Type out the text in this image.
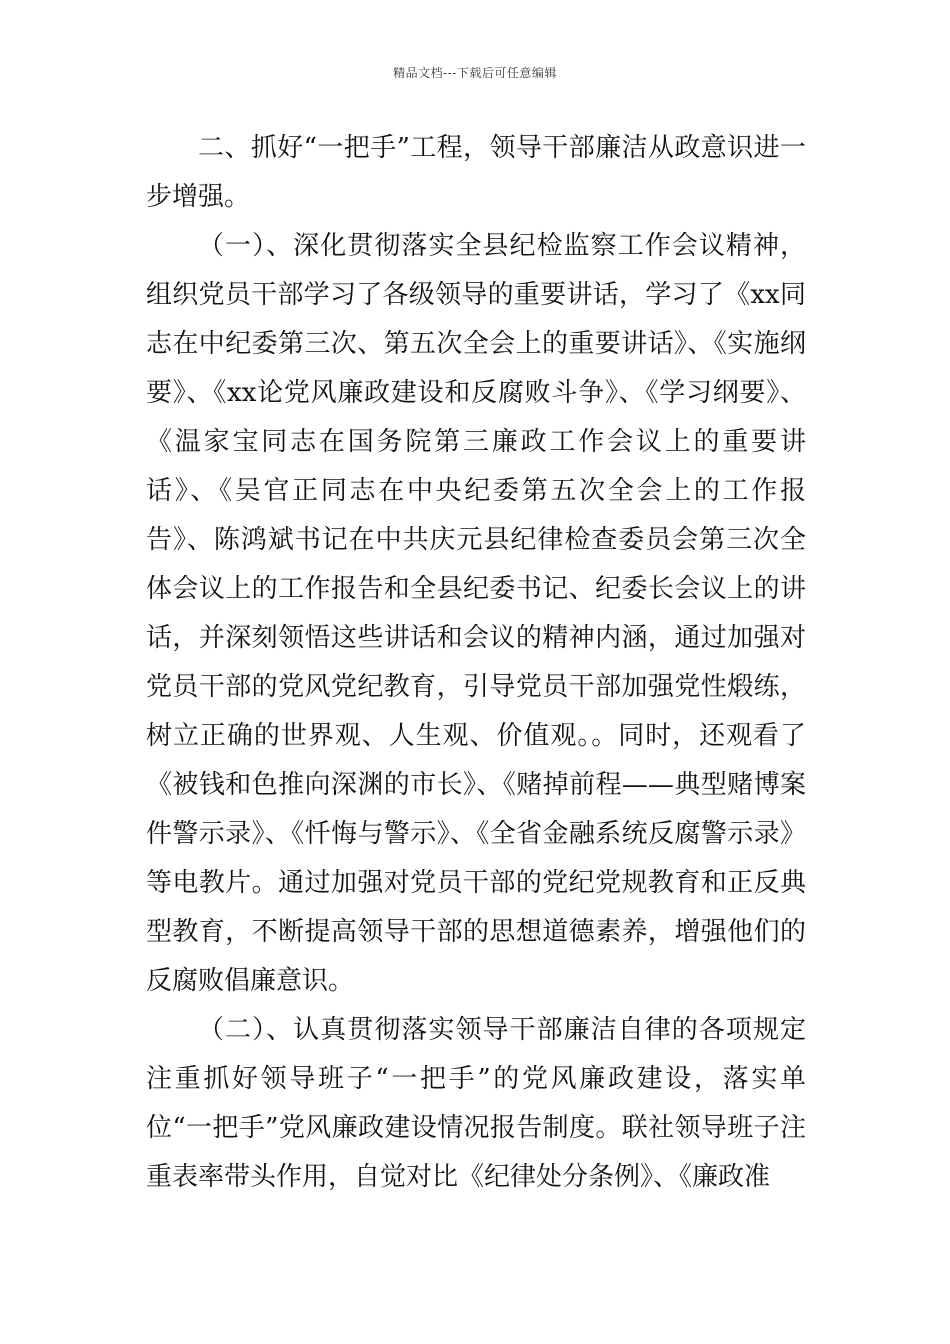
精品文档---下载后可任意编辑

二、抓好“一把手”工程，领导干部廉洁从政意识进一步增强。

（一）、深化贯彻落实全县纪检监察工作会议精神，组织党员干部学习了各级领导的重要讲话，学习了《xx同志在中纪委第三次、第五次全会上的重要讲话》、《实施纲要》、《xx论党风廉政建设和反腐败斗争》、《学习纲要》、《温家宝同志在国务院第三廉政工作会议上的重要讲话》、《吴官正同志在中央纪委第五次全会上的工作报告》、陈鸿斌书记在中共庆元县纪律检查委员会第三次全体会议上的工作报告和全县纪委书记、纪委长会议上的讲话，并深刻领悟这些讲话和会议的精神内涵，通过加强对党员干部的党风党纪教育，引导党员干部加强党性煅练，树立正确的世界观、人生观、价值观。。同时，还观看了《被钱和色推向深渊的市长》、《赌掉前程——典型赌博案件警示录》、《忏悔与警示》、《全省金融系统反腐警示录》等电教片。通过加强对党员干部的党纪党规教育和正反典型教育，不断提高领导干部的思想道德素养，增强他们的反腐败倡廉意识。

（二）、认真贯彻落实领导干部廉洁自律的各项规定注重抓好领导班子“一把手”的党风廉政建设，落实单位“一把手”党风廉政建设情况报告制度。联社领导班子注重表率带头作用，自觉对比《纪律处分条例》、《廉政准
